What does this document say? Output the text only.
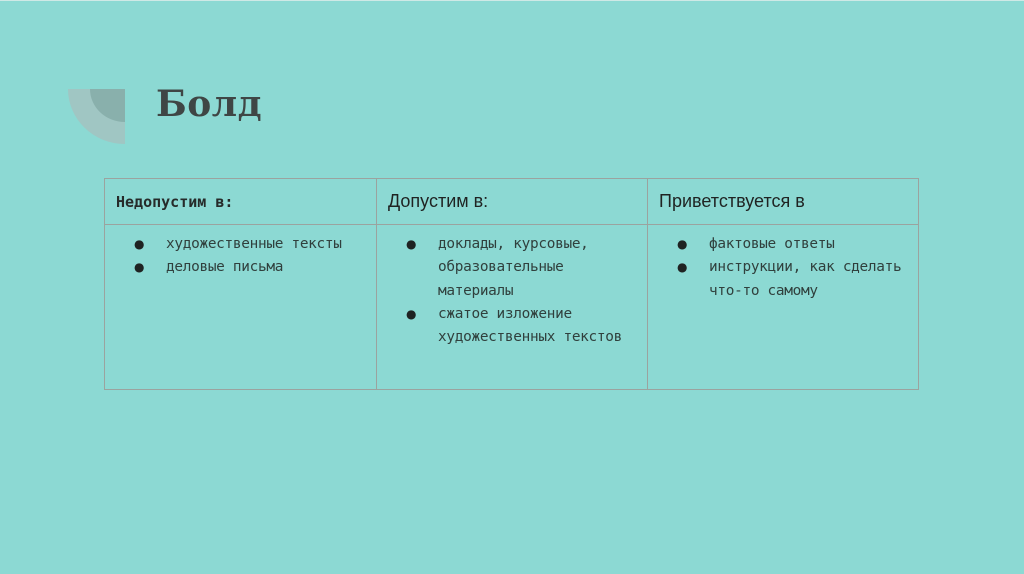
Болд
Недопустим в:	Допустим в:	Приветствуется в
● художественные тексты
● деловые письма
● доклады, курсовые, образовательные материалы
● сжатое изложение художественных текстов
● фактовые ответы
● инструкции, как сделать что-то самому
